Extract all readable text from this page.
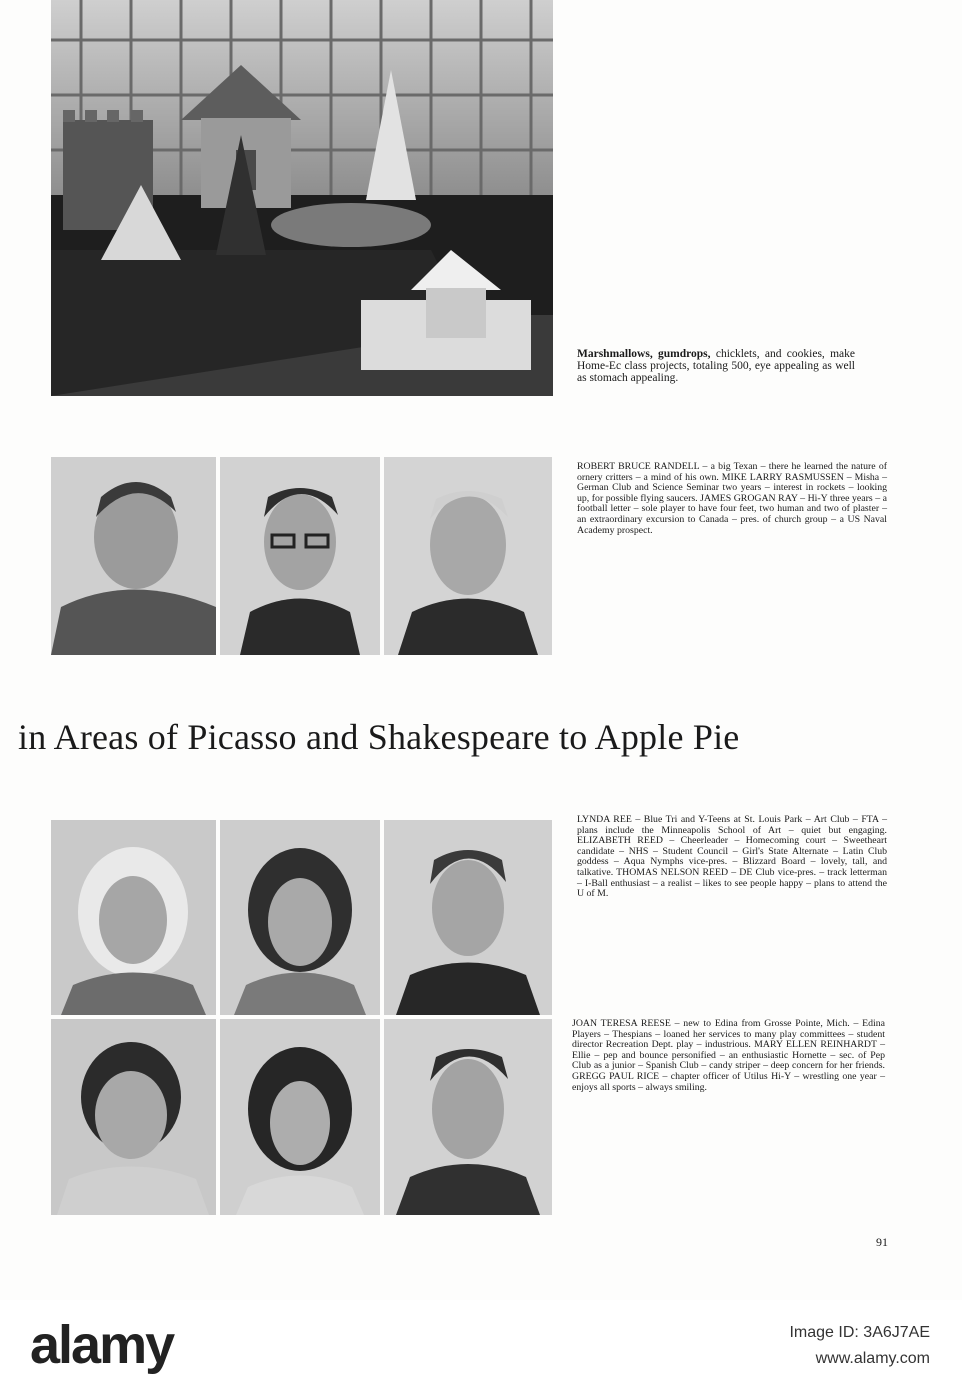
Marshmallows, gumdrops, chicklets, and cookies, make Home-Ec class projects, totaling 500, eye appealing as well as stomach appealing.
ROBERT BRUCE RANDELL – a big Texan – there he learned the nature of ornery critters – a mind of his own. MIKE LARRY RASMUSSEN – Misha – German Club and Science Seminar two years – interest in rockets – looking up, for possible flying saucers. JAMES GROGAN RAY – Hi-Y three years – a football letter – sole player to have four feet, two human and two of plaster – an extraordinary excursion to Canada – pres. of church group – a US Naval Academy prospect.
in Areas of Picasso and Shakespeare to Apple Pie
LYNDA REE – Blue Tri and Y-Teens at St. Louis Park – Art Club – FTA – plans include the Minneapolis School of Art – quiet but engaging. ELIZABETH REED – Cheerleader – Homecoming court – Sweetheart candidate – NHS – Student Council – Girl's State Alternate – Latin Club goddess – Aqua Nymphs vice-pres. – Blizzard Board – lovely, tall, and talkative. THOMAS NELSON REED – DE Club vice-pres. – track letterman – I-Ball enthusiast – a realist – likes to see people happy – plans to attend the U of M.
JOAN TERESA REESE – new to Edina from Grosse Pointe, Mich. – Edina Players – Thespians – loaned her services to many play committees – student director Recreation Dept. play – industrious. MARY ELLEN REINHARDT – Ellie – pep and bounce personified – an enthusiastic Hornette – sec. of Pep Club as a junior – Spanish Club – candy striper – deep concern for her friends. GREGG PAUL RICE – chapter officer of Utilus Hi-Y – wrestling one year – enjoys all sports – always smiling.
91
alamy	Image ID: 3A6J7AE
www.alamy.com
